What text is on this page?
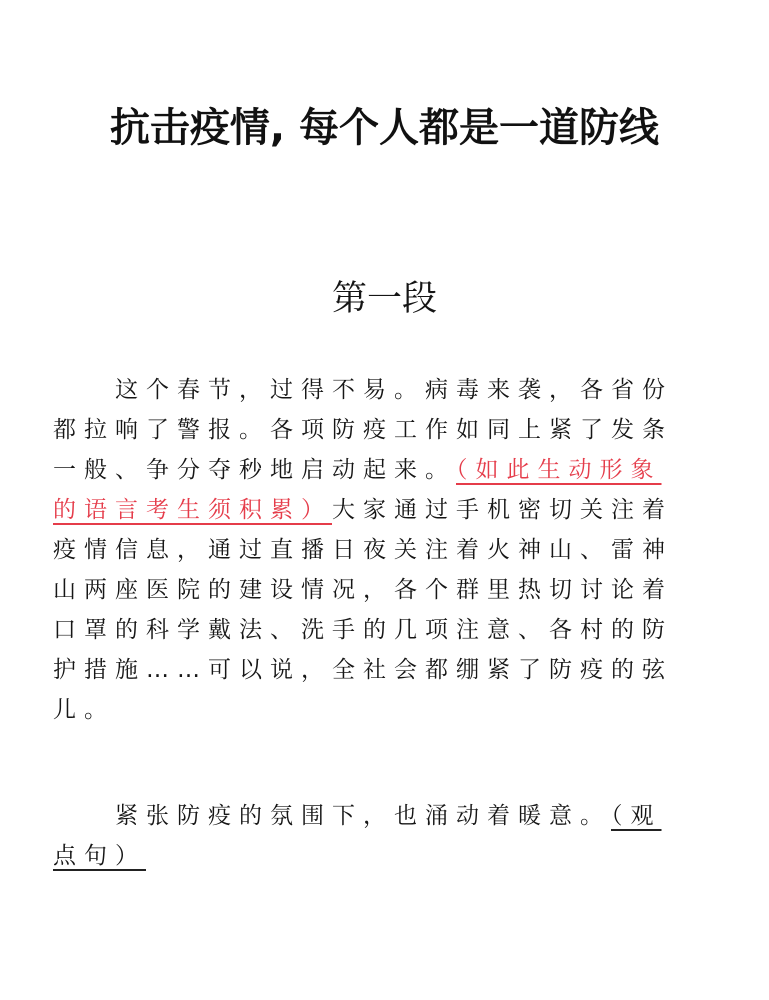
抗击疫情, 每个人都是一道防线
第一段
这个春节，过得不易。病毒来袭，各省份
都拉响了警报。各项防疫工作如同上紧了发条
一般、争分夺秒地启动起来。（如此生动形象
的语言考生须积累）大家通过手机密切关注着
疫情信息，通过直播日夜关注着火神山、雷神
山两座医院的建设情况，各个群里热切讨论着
口罩的科学戴法、洗手的几项注意、各村的防
护措施……可以说，全社会都绷紧了防疫的弦
儿。
紧张防疫的氛围下，也涌动着暖意。（观
点句）
